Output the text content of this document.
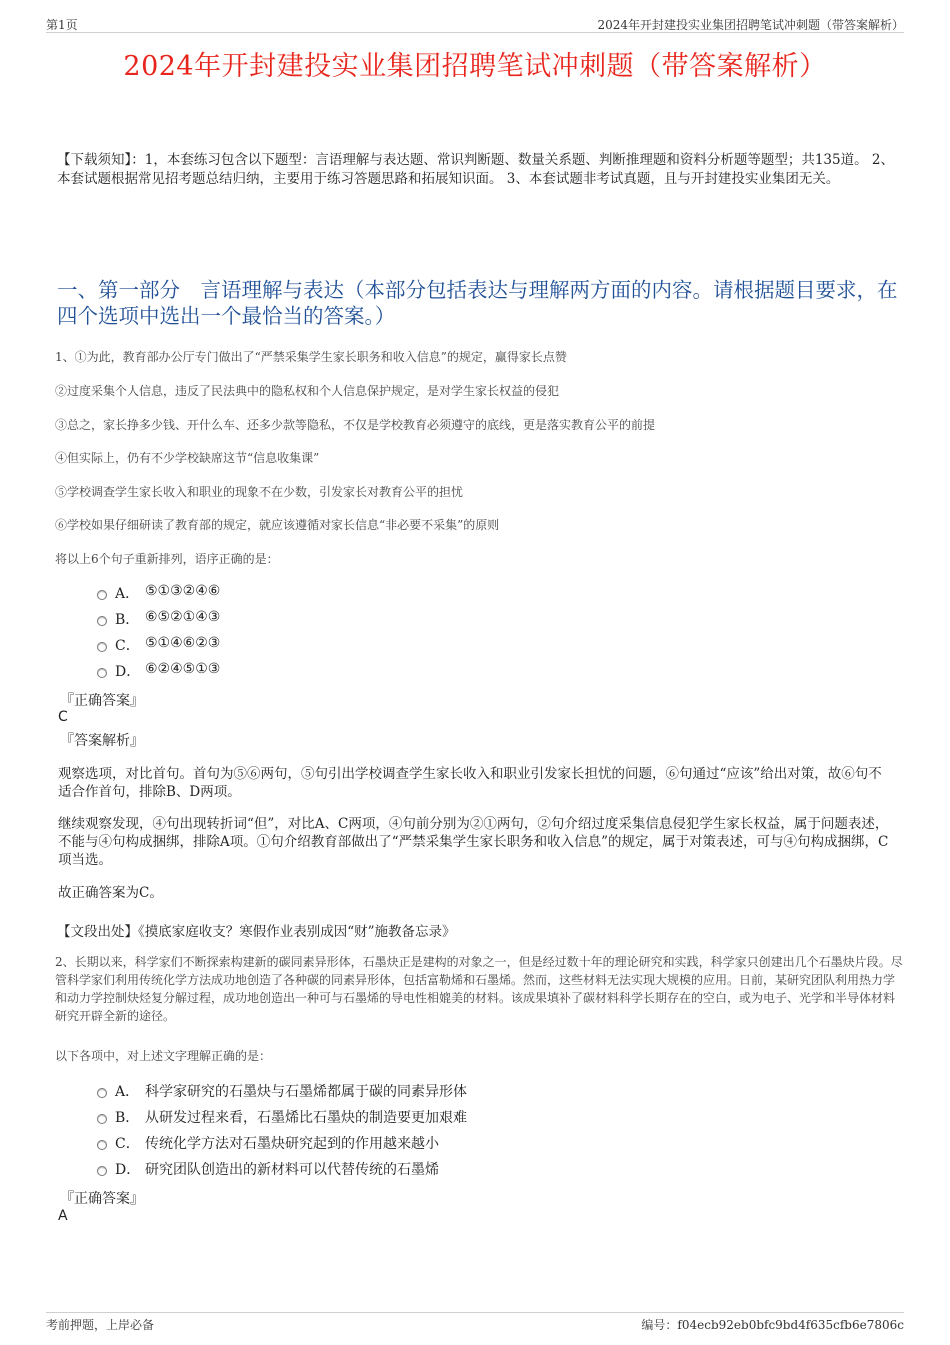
第1页	2024年开封建投实业集团招聘笔试冲刺题（带答案解析）
2024年开封建投实业集团招聘笔试冲刺题（带答案解析）
【下载须知】：1，本套练习包含以下题型：言语理解与表达题、常识判断题、数量关系题、判断推理题和资料分析题等题型；共135道。 2、本套试题根据常见招考题总结归纳，主要用于练习答题思路和拓展知识面。 3、本套试题非考试真题，且与开封建投实业集团无关。
一、第一部分　言语理解与表达（本部分包括表达与理解两方面的内容。请根据题目要求，在四个选项中选出一个最恰当的答案。）
1、①为此，教育部办公厅专门做出了“严禁采集学生家长职务和收入信息”的规定，赢得家长点赞
②过度采集个人信息，违反了民法典中的隐私权和个人信息保护规定，是对学生家长权益的侵犯
③总之，家长挣多少钱、开什么车、还多少款等隐私，不仅是学校教育必须遵守的底线，更是落实教育公平的前提
④但实际上，仍有不少学校缺席这节“信息收集课”
⑤学校调查学生家长收入和职业的现象不在少数，引发家长对教育公平的担忧
⑥学校如果仔细研读了教育部的规定，就应该遵循对家长信息“非必要不采集”的原则
将以上6个句子重新排列，语序正确的是：
A． ⑤①③②④⑥
B． ⑥⑤②①④③
C． ⑤①④⑥②③
D． ⑥②④⑤①③
『正确答案』
C
『答案解析』
观察选项，对比首句。首句为⑤⑥两句，⑤句引出学校调查学生家长收入和职业引发家长担忧的问题，⑥句通过“应该”给出对策，故⑥句不适合作首句，排除B、D两项。
继续观察发现，④句出现转折词“但”，对比A、C两项，④句前分别为②①两句，②句介绍过度采集信息侵犯学生家长权益，属于问题表述，不能与④句构成捆绑，排除A项。①句介绍教育部做出了“严禁采集学生家长职务和收入信息”的规定，属于对策表述，可与④句构成捆绑，C项当选。
故正确答案为C。
【文段出处】《摸底家庭收支？寒假作业表别成因“财”施教备忘录》
2、长期以来，科学家们不断探索构建新的碳同素异形体，石墨炔正是建构的对象之一，但是经过数十年的理论研究和实践，科学家只创建出几个石墨炔片段。尽管科学家们利用传统化学方法成功地创造了各种碳的同素异形体，包括富勒烯和石墨烯。然而，这些材料无法实现大规模的应用。日前，某研究团队利用热力学和动力学控制炔烃复分解过程，成功地创造出一种可与石墨烯的导电性相媲美的材料。该成果填补了碳材料科学长期存在的空白，或为电子、光学和半导体材料研究开辟全新的途径。
以下各项中，对上述文字理解正确的是：
A． 科学家研究的石墨炔与石墨烯都属于碳的同素异形体
B． 从研发过程来看，石墨烯比石墨炔的制造要更加艰难
C． 传统化学方法对石墨炔研究起到的作用越来越小
D． 研究团队创造出的新材料可以代替传统的石墨烯
『正确答案』
A
考前押题，上岸必备	编号：f04ecb92eb0bfc9bd4f635cfb6e7806c
